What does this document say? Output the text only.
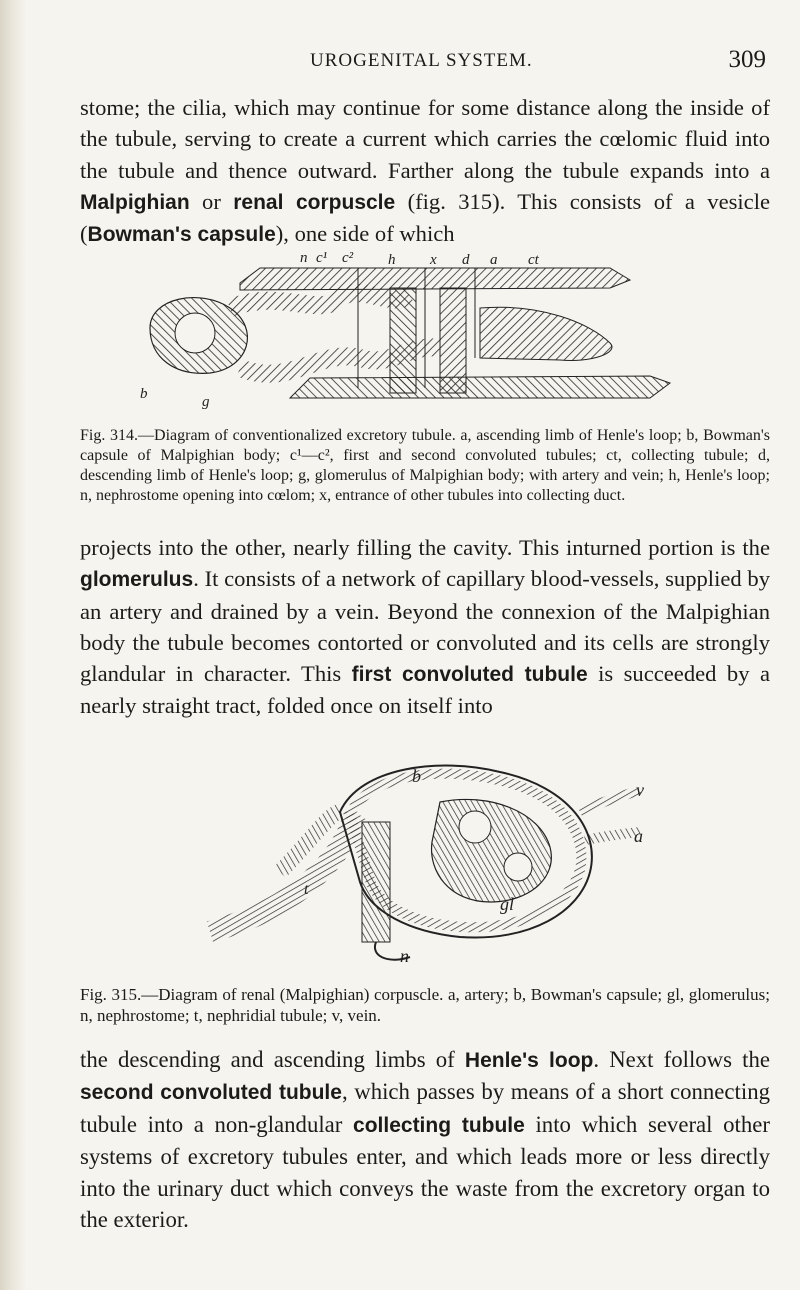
UROGENITAL SYSTEM.	309

stome; the cilia, which may continue for some distance along the inside of the tubule, serving to create a current which carries the cœlomic fluid into the tubule and thence outward. Farther along the tubule expands into a Malpighian or renal corpuscle (fig. 315). This consists of a vesicle (Bowman's capsule), one side of which

n c¹ c² h x d a ct
b	g

Fig. 314.—Diagram of conventionalized excretory tubule. a, ascending limb of Henle's loop; b, Bowman's capsule of Malpighian body; c¹—c², first and second convoluted tubules; ct, collecting tubule; d, descending limb of Henle's loop; g, glomerulus of Malpighian body; with artery and vein; h, Henle's loop; n, nephrostome opening into cœlom; x, entrance of other tubules into collecting duct.

projects into the other, nearly filling the cavity. This inturned portion is the glomerulus. It consists of a network of capillary blood-vessels, supplied by an artery and drained by a vein. Beyond the connexion of the Malpighian body the tubule becomes contorted or convoluted and its cells are strongly glandular in character. This first convoluted tubule is succeeded by a nearly straight tract, folded once on itself into

b
v
a
gl
n
t

Fig. 315.—Diagram of renal (Malpighian) corpuscle. a, artery; b, Bowman's capsule; gl, glomerulus; n, nephrostome; t, nephridial tubule; v, vein.

the descending and ascending limbs of Henle's loop. Next follows the second convoluted tubule, which passes by means of a short connecting tubule into a non-glandular collecting tubule into which several other systems of excretory tubules enter, and which leads more or less directly into the urinary duct which conveys the waste from the excretory organ to the exterior.
